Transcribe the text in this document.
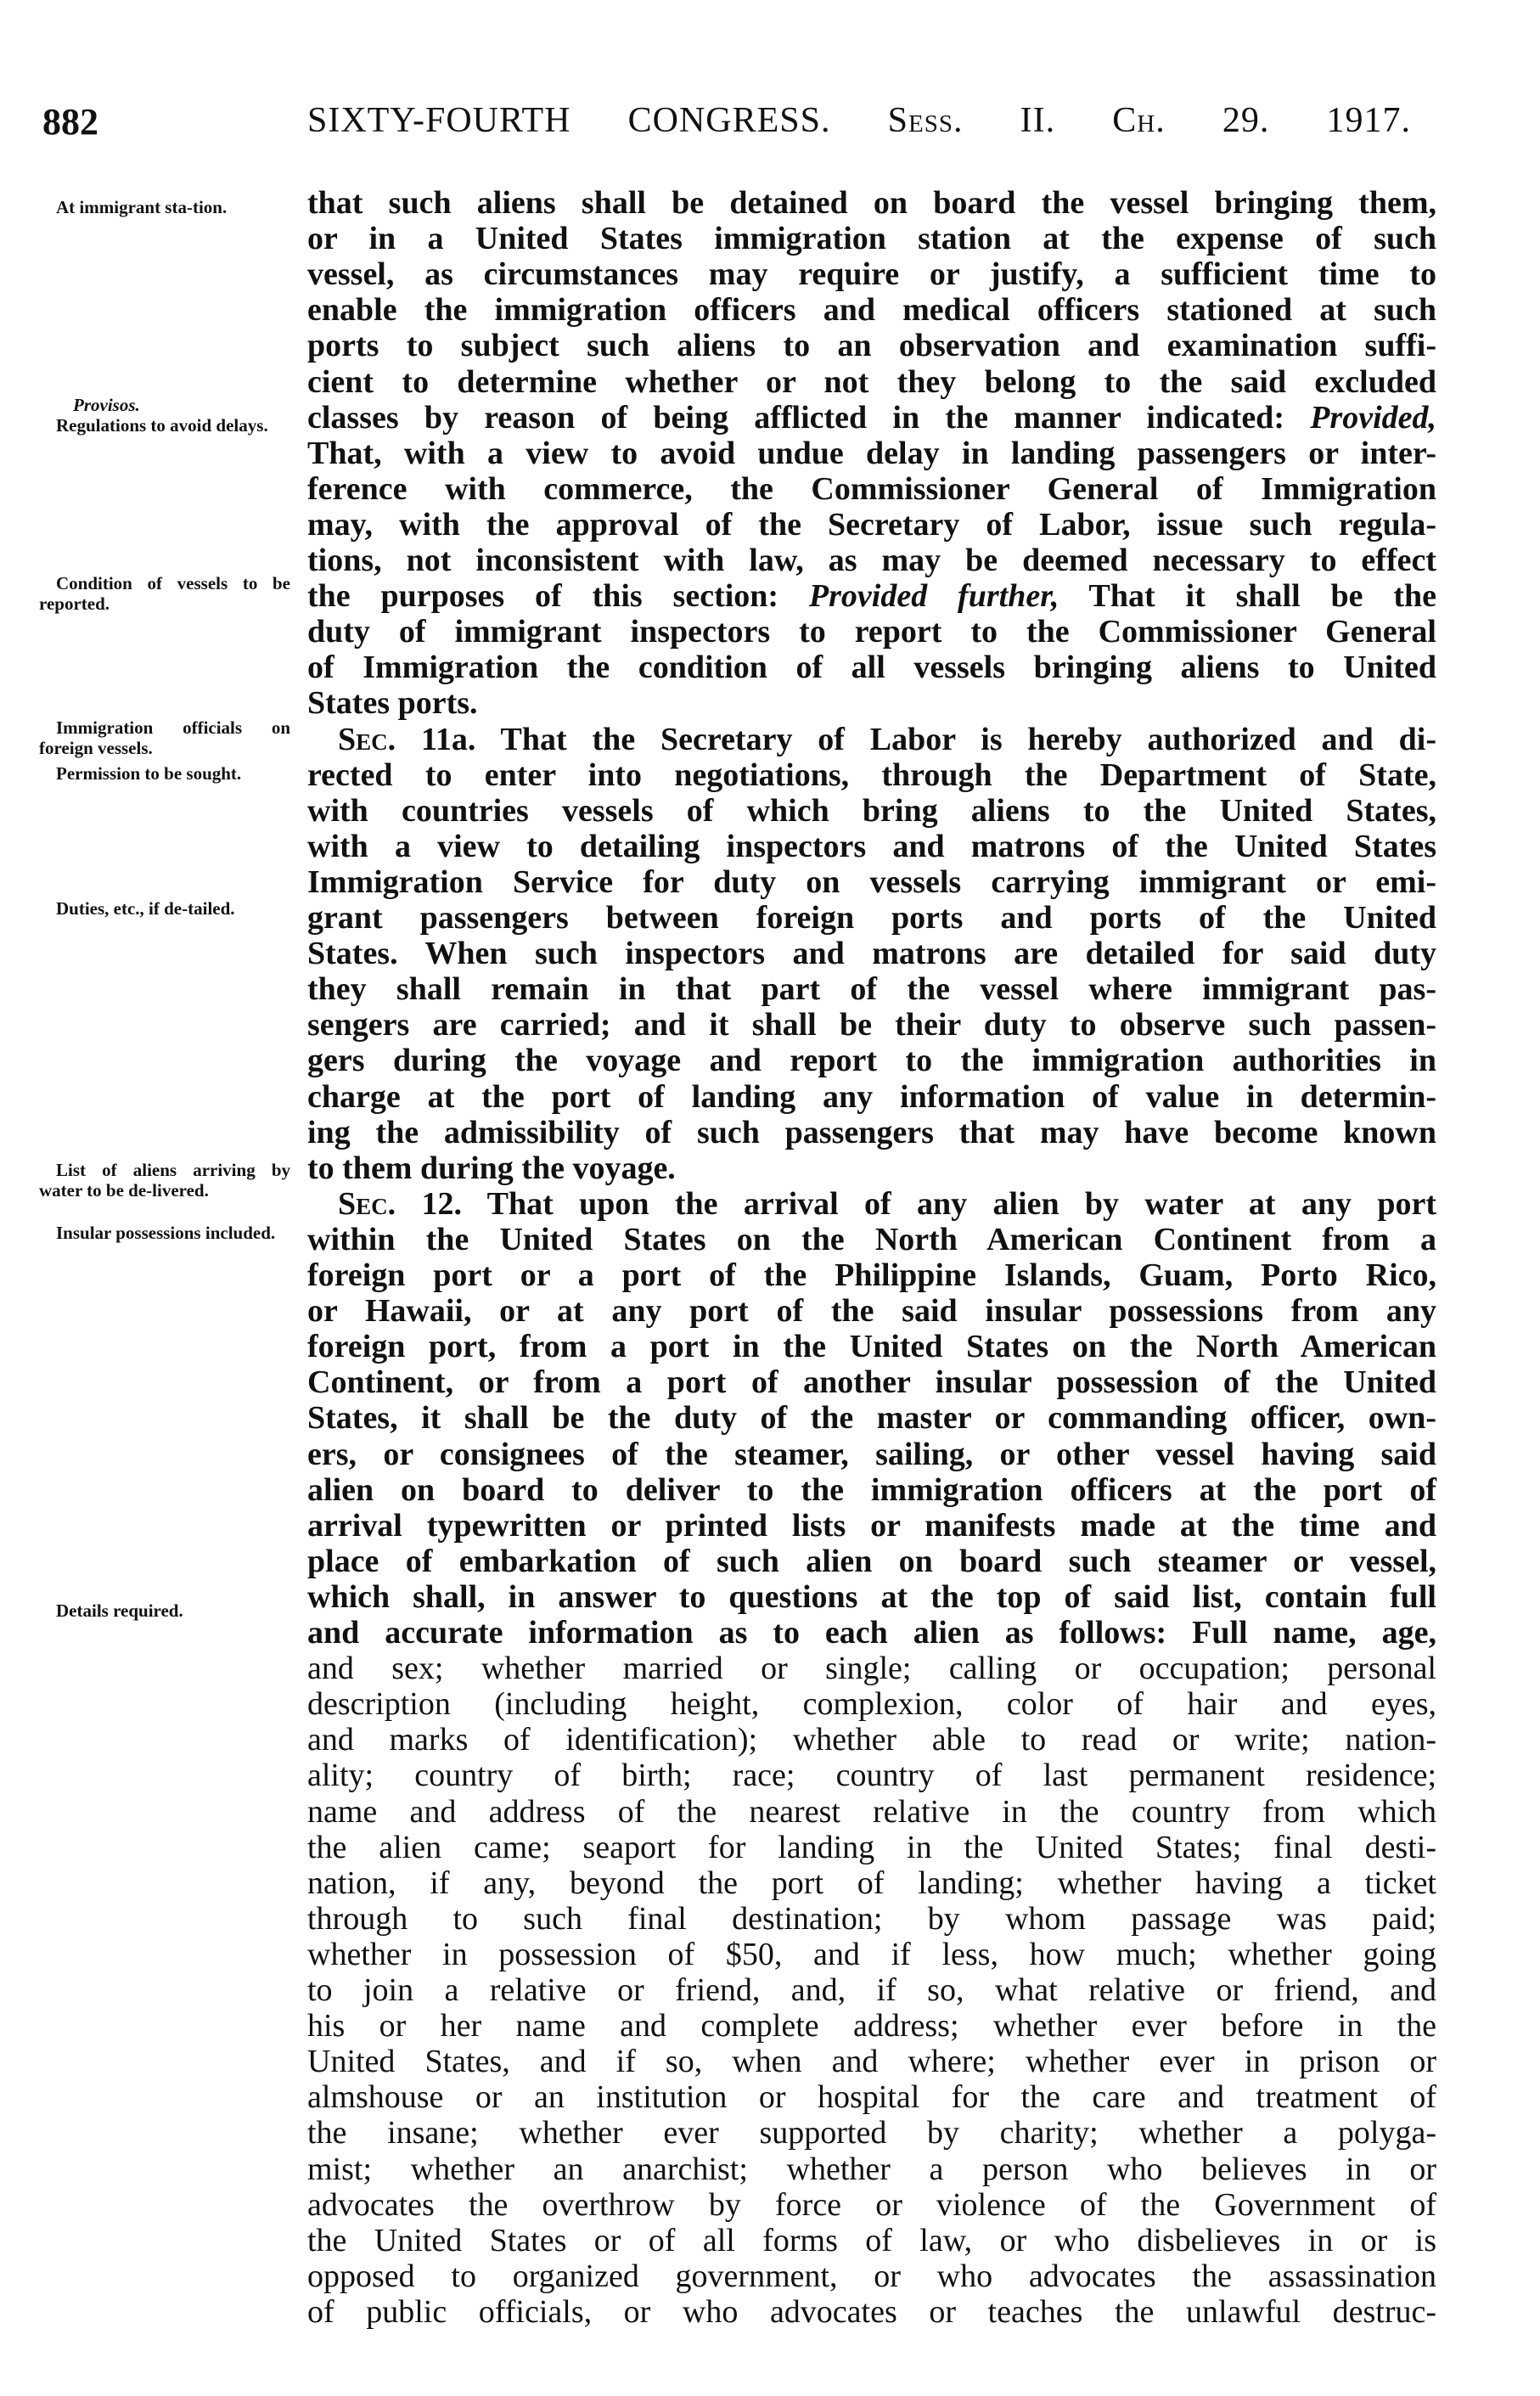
882	SIXTY-FOURTH CONGRESS. Sess. II. Ch. 29. 1917.
that such aliens shall be detained on board the vessel bringing them,
or in a United States immigration station at the expense of such
vessel, as circumstances may require or justify, a sufficient time to
enable the immigration officers and medical officers stationed at such
ports to subject such aliens to an observation and examination suffi-
cient to determine whether or not they belong to the said excluded
classes by reason of being afflicted in the manner indicated: Provided,
That, with a view to avoid undue delay in landing passengers or inter-
ference with commerce, the Commissioner General of Immigration
may, with the approval of the Secretary of Labor, issue such regula-
tions, not inconsistent with law, as may be deemed necessary to effect
the purposes of this section: Provided further, That it shall be the
duty of immigrant inspectors to report to the Commissioner General
of Immigration the condition of all vessels bringing aliens to United
States ports.
Sec. 11a. That the Secretary of Labor is hereby authorized and di-
rected to enter into negotiations, through the Department of State,
with countries vessels of which bring aliens to the United States,
with a view to detailing inspectors and matrons of the United States
Immigration Service for duty on vessels carrying immigrant or emi-
grant passengers between foreign ports and ports of the United
States. When such inspectors and matrons are detailed for said duty
they shall remain in that part of the vessel where immigrant pas-
sengers are carried; and it shall be their duty to observe such passen-
gers during the voyage and report to the immigration authorities in
charge at the port of landing any information of value in determin-
ing the admissibility of such passengers that may have become known
to them during the voyage.
Sec. 12. That upon the arrival of any alien by water at any port
within the United States on the North American Continent from a
foreign port or a port of the Philippine Islands, Guam, Porto Rico,
or Hawaii, or at any port of the said insular possessions from any
foreign port, from a port in the United States on the North American
Continent, or from a port of another insular possession of the United
States, it shall be the duty of the master or commanding officer, own-
ers, or consignees of the steamer, sailing, or other vessel having said
alien on board to deliver to the immigration officers at the port of
arrival typewritten or printed lists or manifests made at the time and
place of embarkation of such alien on board such steamer or vessel,
which shall, in answer to questions at the top of said list, contain full
and accurate information as to each alien as follows: Full name, age,
and sex; whether married or single; calling or occupation; personal
description (including height, complexion, color of hair and eyes,
and marks of identification); whether able to read or write; nation-
ality; country of birth; race; country of last permanent residence;
name and address of the nearest relative in the country from which
the alien came; seaport for landing in the United States; final desti-
nation, if any, beyond the port of landing; whether having a ticket
through to such final destination; by whom passage was paid;
whether in possession of $50, and if less, how much; whether going
to join a relative or friend, and, if so, what relative or friend, and
his or her name and complete address; whether ever before in the
United States, and if so, when and where; whether ever in prison or
almshouse or an institution or hospital for the care and treatment of
the insane; whether ever supported by charity; whether a polyga-
mist; whether an anarchist; whether a person who believes in or
advocates the overthrow by force or violence of the Government of
the United States or of all forms of law, or who disbelieves in or is
opposed to organized government, or who advocates the assassination
of public officials, or who advocates or teaches the unlawful destruc-
At immigrant sta-​tion.
Provisos.

Regulations to avoid delays.
Condition of vessels to be reported.
Immigration officials on foreign vessels.
Permission to be sought.
Duties, etc., if de-​tailed.
List of aliens arriving by water to be de-​livered.
Insular possessions included.
Details required.
